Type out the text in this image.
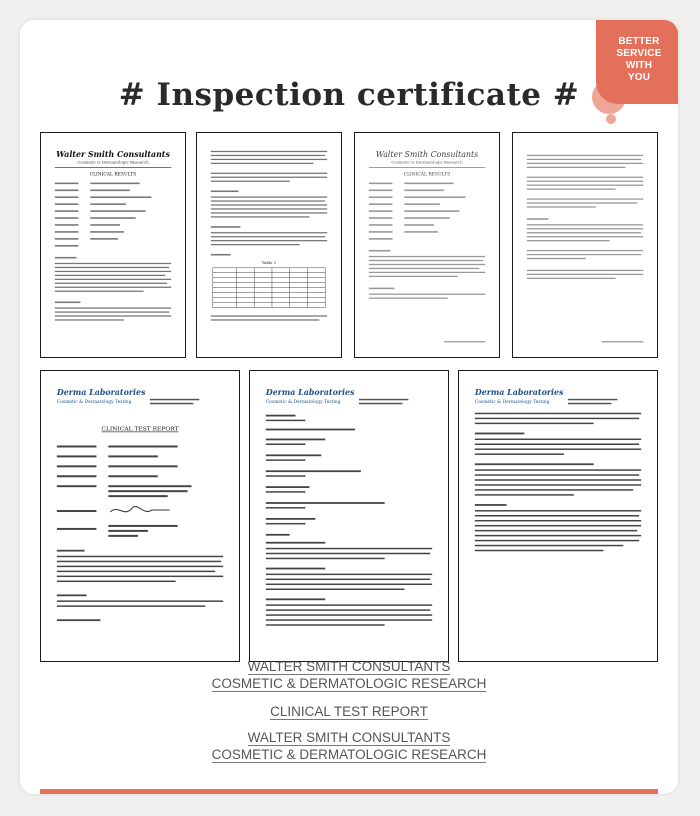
BETTER
SERVICE
WITH
YOU
# Inspection certificate #
Walter Smith Consultants
Cosmetic & Dermatologic Research
CLINICAL RESULTS
Table 1
Walter Smith Consultants
Cosmetic & Dermatologic Research
CLINICAL RESULTS
Derma Laboratories
Cosmetic & Dermatology Testing
CLINICAL TEST REPORT
Derma Laboratories
Cosmetic & Dermatology Testing
Derma Laboratories
Cosmetic & Dermatology Testing
WALTER SMITH CONSULTANTS
COSMETIC & DERMATOLOGIC RESEARCH
CLINICAL TEST REPORT
WALTER SMITH CONSULTANTS
COSMETIC & DERMATOLOGIC RESEARCH
